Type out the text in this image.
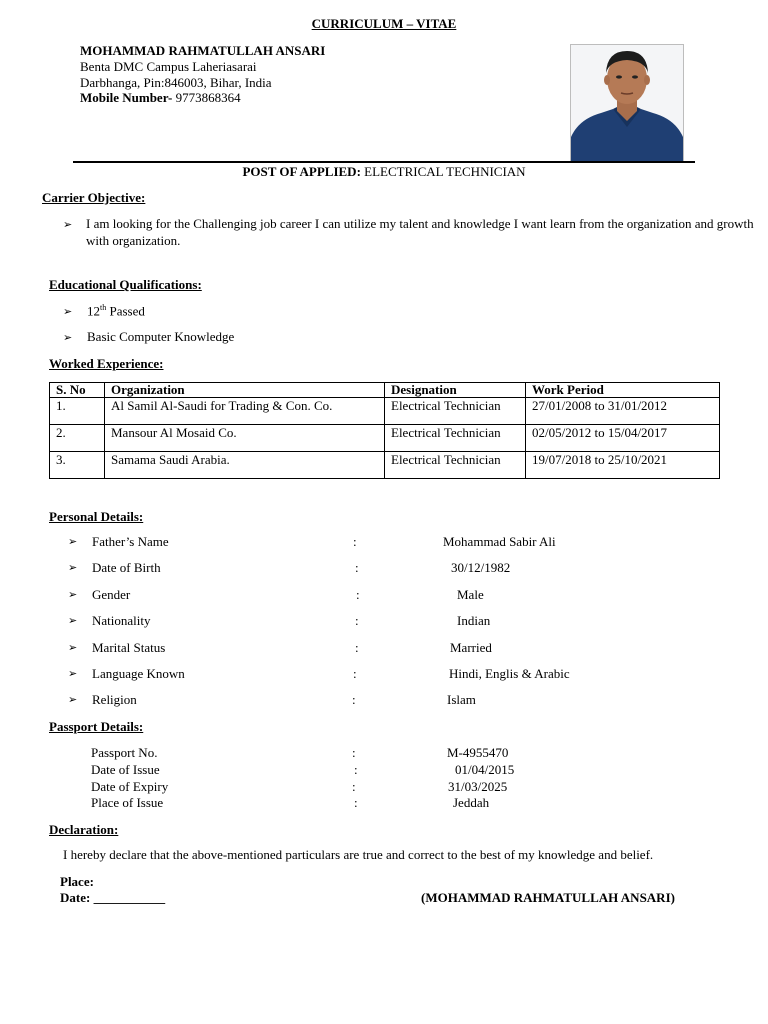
CURRICULUM – VITAE
MOHAMMAD RAHMATULLAH ANSARI
Benta DMC Campus Laheriasarai
Darbhanga, Pin:846003, Bihar, India
Mobile Number- 9773868364
POST OF APPLIED: ELECTRICAL TECHNICIAN
Carrier Objective:
➢	I am looking for the Challenging job career I can utilize my talent and knowledge I want learn from the organization and growth with organization.
Educational Qualifications:
➢ 12th Passed
➢ Basic Computer Knowledge
Worked Experience:
S. No	Organization	Designation	Work Period
1.	Al Samil Al-Saudi for Trading & Con. Co.	Electrical Technician	27/01/2008 to 31/01/2012
2.	Mansour Al Mosaid Co.	Electrical Technician	02/05/2012 to 15/04/2017
3.	Samama Saudi Arabia.	Electrical Technician	19/07/2018 to 25/10/2021
Personal Details:
➢ Father’s Name	:	Mohammad Sabir Ali
➢ Date of Birth	:	30/12/1982
➢ Gender	:	Male
➢ Nationality	:	Indian
➢ Marital Status	:	Married
➢ Language Known	:	Hindi, Englis & Arabic
➢ Religion	:	Islam
Passport Details:
Passport No.	:	M-4955470
Date of Issue	:	01/04/2015
Date of Expiry	:	31/03/2025
Place of Issue	:	Jeddah
Declaration:
I hereby declare that the above-mentioned particulars are true and correct to the best of my knowledge and belief.
Place:
Date: ___________	(MOHAMMAD RAHMATULLAH ANSARI)
